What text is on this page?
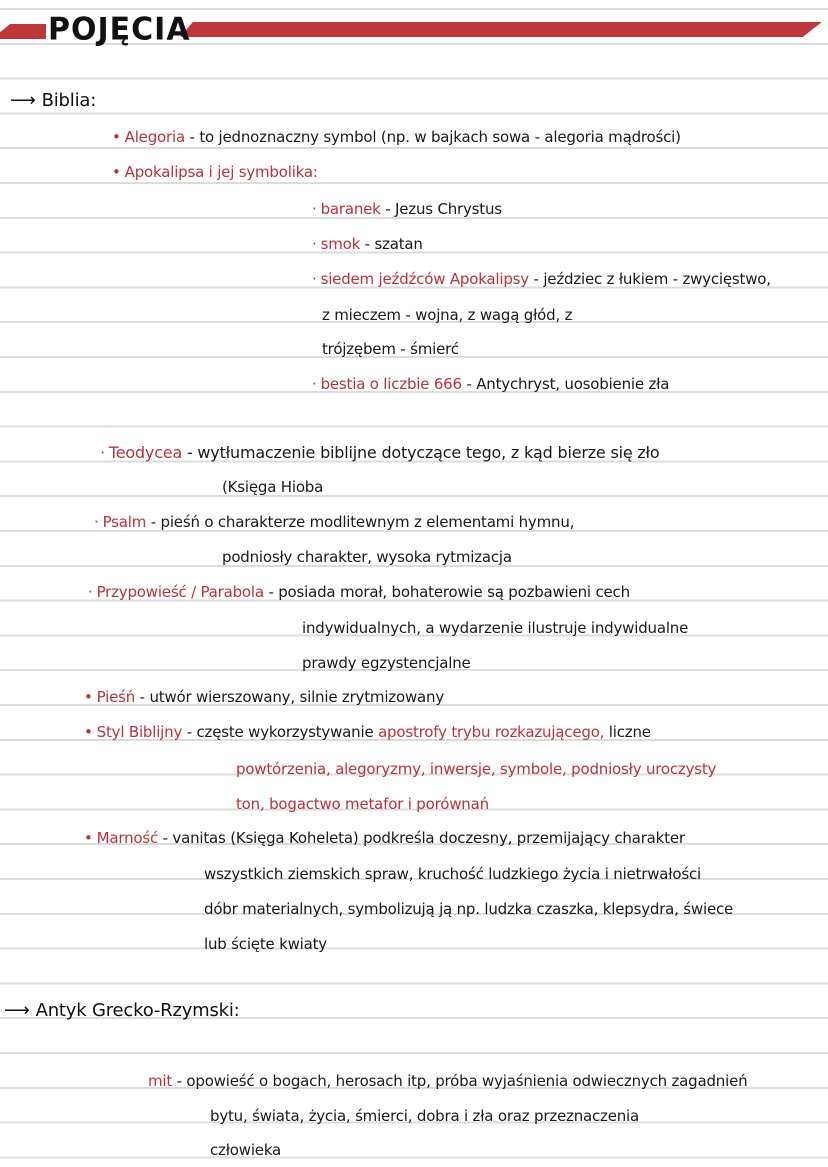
POJĘCIA
⟶ Biblia:
• Alegoria - to jednoznaczny symbol (np. w bajkach sowa - alegoria mądrości)
• Apokalipsa i jej symbolika:
· baranek - Jezus Chrystus
· smok - szatan
· siedem jeźdźców Apokalipsy - jeździec z łukiem - zwycięstwo,
z mieczem - wojna, z wagą głód, z
trójzębem - śmierć
· bestia o liczbie 666 - Antychryst, uosobienie zła
· Teodycea - wytłumaczenie biblijne dotyczące tego, z kąd bierze się zło
(Księga Hioba
· Psalm - pieśń o charakterze modlitewnym z elementami hymnu,
podniosły charakter, wysoka rytmizacja
· Przypowieść / Parabola - posiada morał, bohaterowie są pozbawieni cech
indywidualnych, a wydarzenie ilustruje indywidualne
prawdy egzystencjalne
• Pieśń - utwór wierszowany, silnie zrytmizowany
• Styl Biblijny - częste wykorzystywanie apostrofy trybu rozkazującego, liczne
powtórzenia, alegoryzmy, inwersje, symbole, podniosły uroczysty
ton, bogactwo metafor i porównań
• Marność - vanitas (Księga Koheleta) podkreśla doczesny, przemijający charakter
wszystkich ziemskich spraw, kruchość ludzkiego życia i nietrwałości
dóbr materialnych, symbolizują ją np. ludzka czaszka, klepsydra, świece
lub ścięte kwiaty
⟶ Antyk Grecko-Rzymski:
mit - opowieść o bogach, herosach itp, próba wyjaśnienia odwiecznych zagadnień
bytu, świata, życia, śmierci, dobra i zła oraz przeznaczenia
człowieka
